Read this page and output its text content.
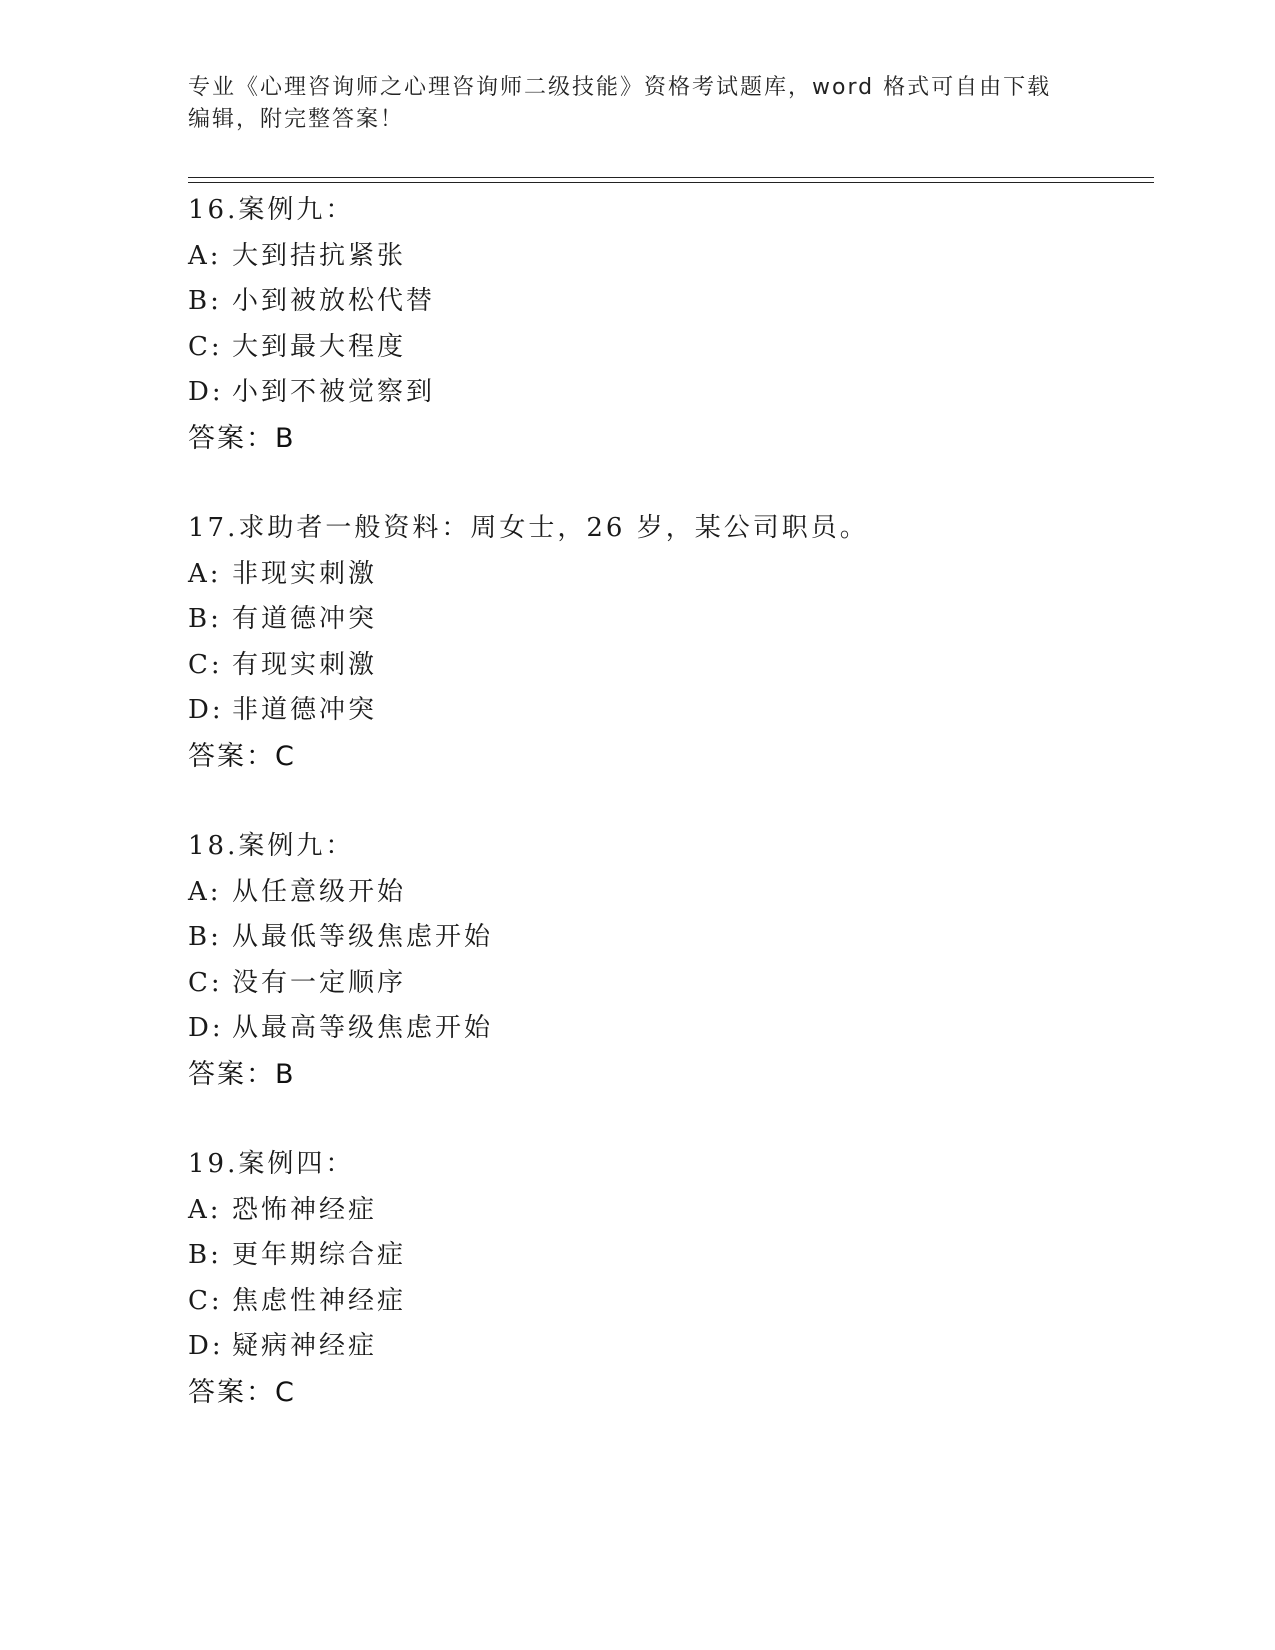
专业《心理咨询师之心理咨询师二级技能》资格考试题库，word 格式可自由下载
编辑，附完整答案！
16.案例九：
A: 大到拮抗紧张
B: 小到被放松代替
C: 大到最大程度
D: 小到不被觉察到
答案：B
17.求助者一般资料：周女士，26 岁，某公司职员。
A: 非现实刺激
B: 有道德冲突
C: 有现实刺激
D: 非道德冲突
答案：C
18.案例九：
A: 从任意级开始
B: 从最低等级焦虑开始
C: 没有一定顺序
D: 从最高等级焦虑开始
答案：B
19.案例四：
A: 恐怖神经症
B: 更年期综合症
C: 焦虑性神经症
D: 疑病神经症
答案：C
